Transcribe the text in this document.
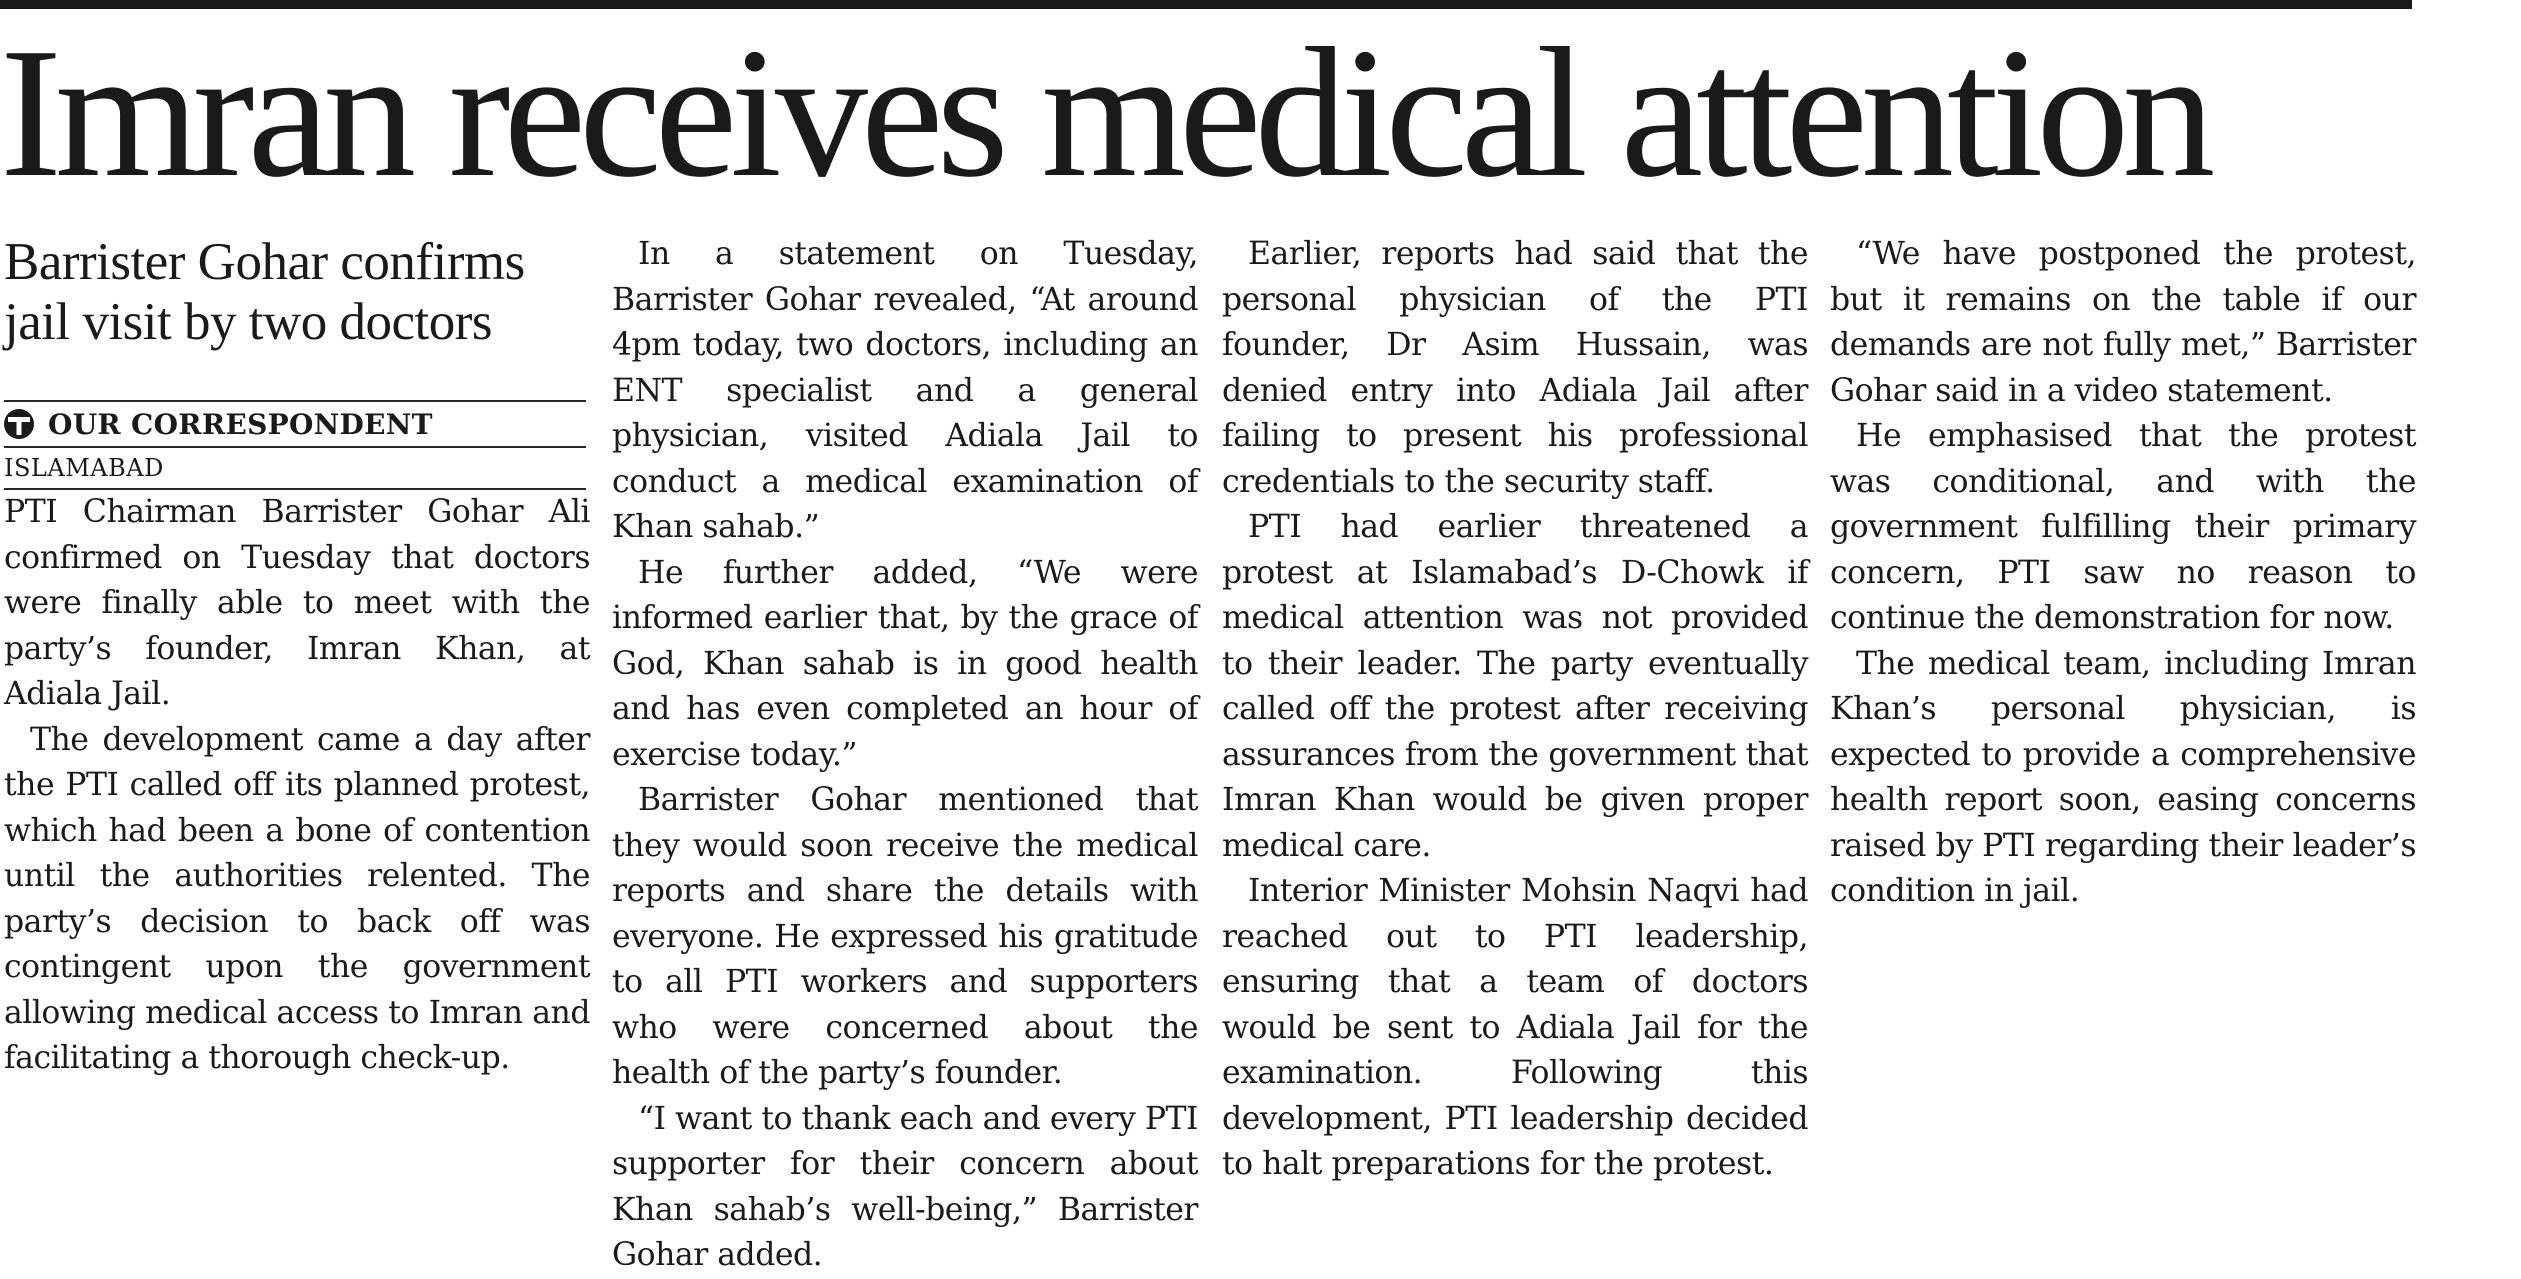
Imran receives medical attention
Barrister Gohar confirms jail visit by two doctors
OUR CORRESPONDENT
ISLAMABAD

PTI Chairman Barrister Gohar Ali confirmed on Tuesday that doctors were finally able to meet with the party’s founder, Imran Khan, at Adiala Jail.

The development came a day after the PTI called off its planned protest, which had been a bone of contention until the authorities relented. The party’s decision to back off was contingent upon the government allowing medical access to Imran and facilitating a thorough check-up.

In a statement on Tuesday, Barrister Gohar revealed, “At around 4pm today, two doctors, including an ENT specialist and a general physician, visited Adiala Jail to conduct a medical examination of Khan sahab.”

He further added, “We were informed earlier that, by the grace of God, Khan sahab is in good health and has even completed an hour of exercise today.”

Barrister Gohar mentioned that they would soon receive the medical reports and share the details with everyone. He expressed his gratitude to all PTI workers and supporters who were concerned about the health of the party’s founder.

“I want to thank each and every PTI supporter for their concern about Khan sahab’s well-being,” Barrister Gohar added.

Earlier, reports had said that the personal physician of the PTI founder, Dr Asim Hussain, was denied entry into Adiala Jail after failing to present his professional credentials to the security staff.

PTI had earlier threatened a protest at Islamabad’s D-Chowk if medical attention was not provided to their leader. The party eventually called off the protest after receiving assurances from the government that Imran Khan would be given proper medical care.

Interior Minister Mohsin Naqvi had reached out to PTI leadership, ensuring that a team of doctors would be sent to Adiala Jail for the examination. Following this development, PTI leadership decided to halt preparations for the protest.

“We have postponed the protest, but it remains on the table if our demands are not fully met,” Barrister Gohar said in a video statement.

He emphasised that the protest was conditional, and with the government fulfilling their primary concern, PTI saw no reason to continue the demonstration for now.

The medical team, including Imran Khan’s personal physician, is expected to provide a comprehensive health report soon, easing concerns raised by PTI regarding their leader’s condition in jail.
